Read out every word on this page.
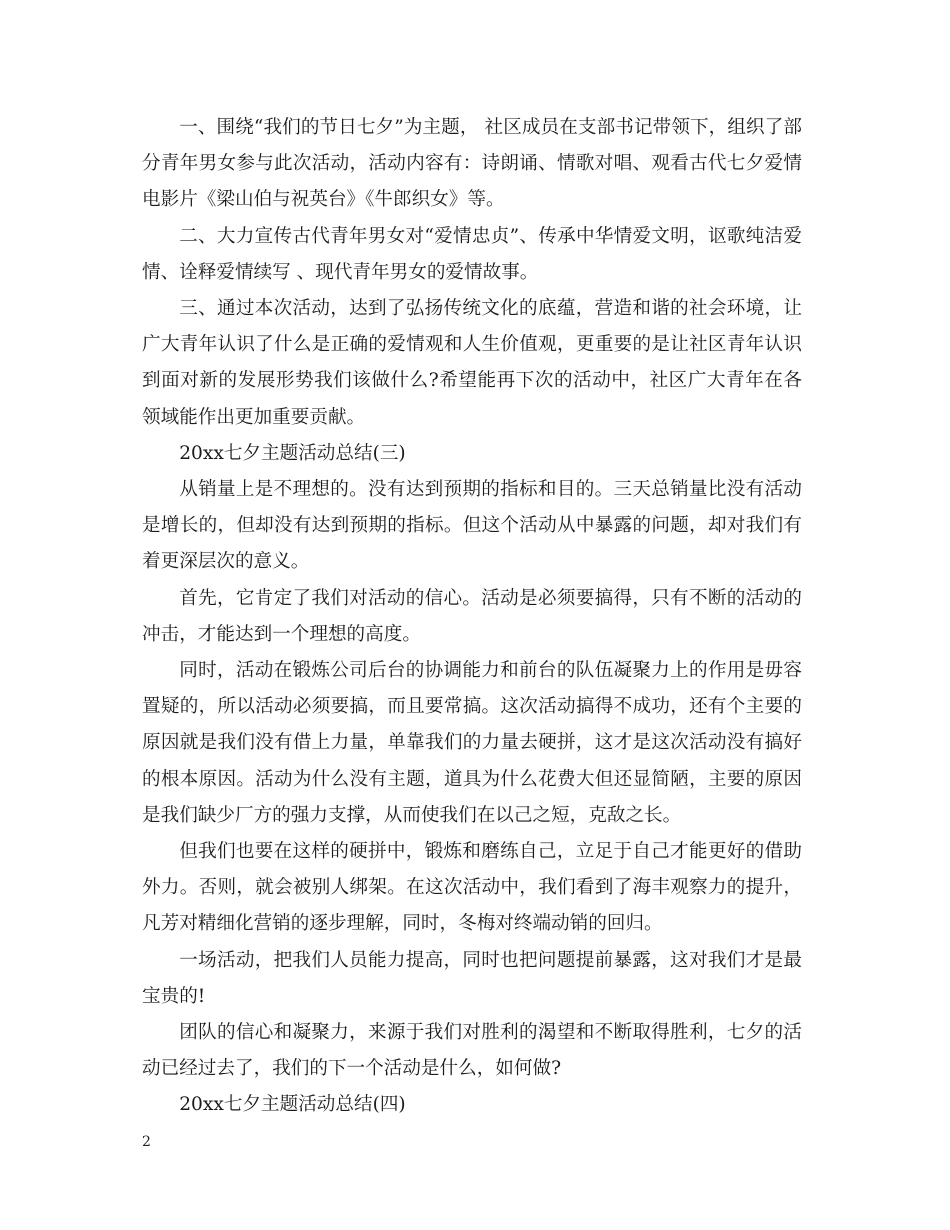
一、围绕“我们的节日七夕”为主题， 社区成员在支部书记带领下，组织了部分青年男女参与此次活动，活动内容有：诗朗诵、情歌对唱、观看古代七夕爱情电影片《梁山伯与祝英台》《牛郎织女》等。

二、大力宣传古代青年男女对“爱情忠贞”、传承中华情爱文明，讴歌纯洁爱情、诠释爱情续写 、现代青年男女的爱情故事。

三、通过本次活动，达到了弘扬传统文化的底蕴，营造和谐的社会环境，让广大青年认识了什么是正确的爱情观和人生价值观，更重要的是让社区青年认识到面对新的发展形势我们该做什么?希望能再下次的活动中，社区广大青年在各领域能作出更加重要贡献。

20xx七夕主题活动总结(三)

从销量上是不理想的。没有达到预期的指标和目的。三天总销量比没有活动是增长的，但却没有达到预期的指标。但这个活动从中暴露的问题，却对我们有着更深层次的意义。

首先，它肯定了我们对活动的信心。活动是必须要搞得，只有不断的活动的冲击，才能达到一个理想的高度。

同时，活动在锻炼公司后台的协调能力和前台的队伍凝聚力上的作用是毋容置疑的，所以活动必须要搞，而且要常搞。这次活动搞得不成功，还有个主要的原因就是我们没有借上力量，单靠我们的力量去硬拼，这才是这次活动没有搞好的根本原因。活动为什么没有主题，道具为什么花费大但还显简陋，主要的原因是我们缺少厂方的强力支撑，从而使我们在以己之短，克敌之长。

但我们也要在这样的硬拼中，锻炼和磨练自己，立足于自己才能更好的借助外力。否则，就会被别人绑架。在这次活动中，我们看到了海丰观察力的提升，凡芳对精细化营销的逐步理解，同时，冬梅对终端动销的回归。

一场活动，把我们人员能力提高，同时也把问题提前暴露，这对我们才是最宝贵的!

团队的信心和凝聚力，来源于我们对胜利的渴望和不断取得胜利，七夕的活动已经过去了，我们的下一个活动是什么，如何做?

20xx七夕主题活动总结(四)

2
